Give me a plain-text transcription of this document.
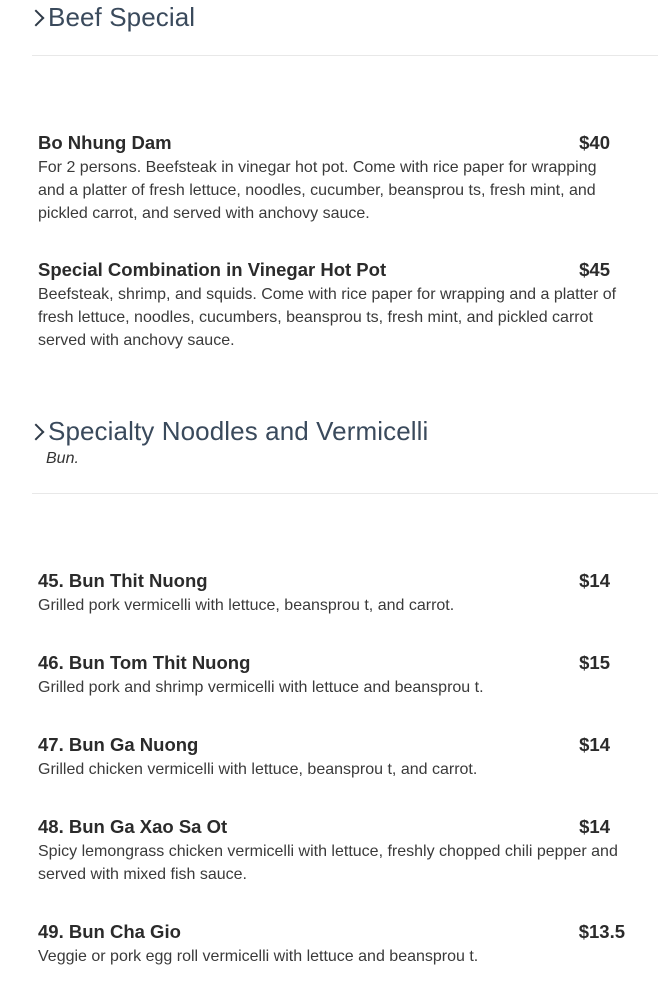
Beef Special
Bo Nhung Dam	$40
For 2 persons. Beefsteak in vinegar hot pot. Come with rice paper for wrapping and a platter of fresh lettuce, noodles, cucumber, beansprou ts, fresh mint, and pickled carrot, and served with anchovy sauce.
Special Combination in Vinegar Hot Pot	$45
Beefsteak, shrimp, and squids. Come with rice paper for wrapping and a platter of fresh lettuce, noodles, cucumbers, beansprou ts, fresh mint, and pickled carrot served with anchovy sauce.
Specialty Noodles and Vermicelli
Bun.
45. Bun Thit Nuong	$14
Grilled pork vermicelli with lettuce, beansprou t, and carrot.
46. Bun Tom Thit Nuong	$15
Grilled pork and shrimp vermicelli with lettuce and beansprou t.
47. Bun Ga Nuong	$14
Grilled chicken vermicelli with lettuce, beansprou t, and carrot.
48. Bun Ga Xao Sa Ot	$14
Spicy lemongrass chicken vermicelli with lettuce, freshly chopped chili pepper and served with mixed fish sauce.
49. Bun Cha Gio	$13.5
Veggie or pork egg roll vermicelli with lettuce and beansprou t.
